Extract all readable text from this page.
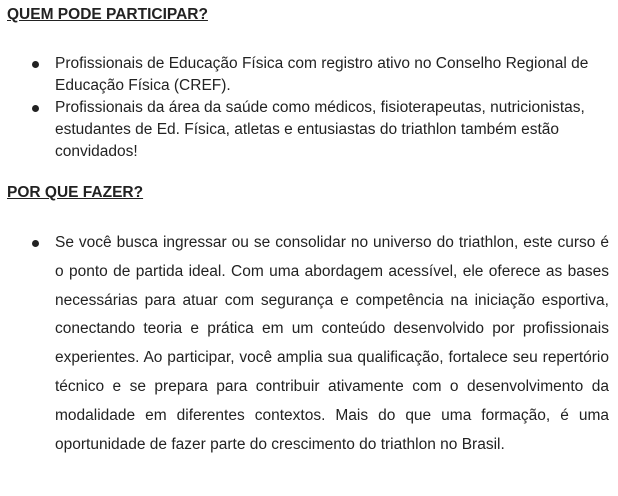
QUEM PODE PARTICIPAR?
Profissionais de Educação Física com registro ativo no Conselho Regional de Educação Física (CREF).
Profissionais da área da saúde como médicos, fisioterapeutas, nutricionistas, estudantes de Ed. Física, atletas e entusiastas do triathlon também estão convidados!
POR QUE FAZER?
Se você busca ingressar ou se consolidar no universo do triathlon, este curso é o ponto de partida ideal. Com uma abordagem acessível, ele oferece as bases necessárias para atuar com segurança e competência na iniciação esportiva, conectando teoria e prática em um conteúdo desenvolvido por profissionais experientes. Ao participar, você amplia sua qualificação, fortalece seu repertório técnico e se prepara para contribuir ativamente com o desenvolvimento da modalidade em diferentes contextos. Mais do que uma formação, é uma oportunidade de fazer parte do crescimento do triathlon no Brasil.
